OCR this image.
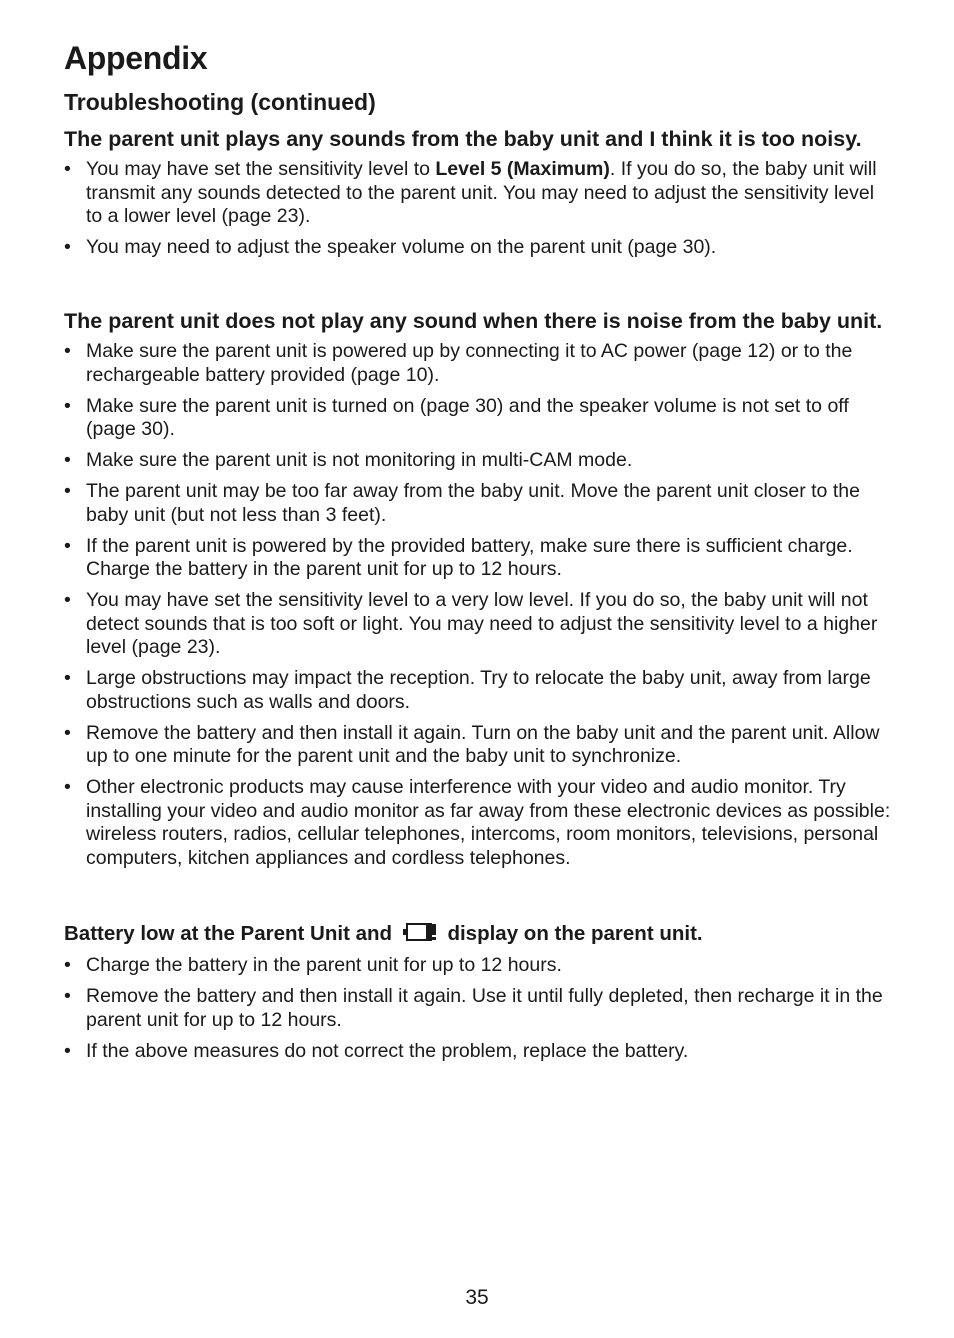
Appendix
Troubleshooting (continued)
The parent unit plays any sounds from the baby unit and I think it is too noisy.
• You may have set the sensitivity level to Level 5 (Maximum). If you do so, the baby unit will transmit any sounds detected to the parent unit. You may need to adjust the sensitivity level to a lower level (page 23).
• You may need to adjust the speaker volume on the parent unit (page 30).
The parent unit does not play any sound when there is noise from the baby unit.
• Make sure the parent unit is powered up by connecting it to AC power (page 12) or to the rechargeable battery provided (page 10).
• Make sure the parent unit is turned on (page 30) and the speaker volume is not set to off (page 30).
• Make sure the parent unit is not monitoring in multi-CAM mode.
• The parent unit may be too far away from the baby unit. Move the parent unit closer to the baby unit (but not less than 3 feet).
• If the parent unit is powered by the provided battery, make sure there is sufficient charge. Charge the battery in the parent unit for up to 12 hours.
• You may have set the sensitivity level to a very low level. If you do so, the baby unit will not detect sounds that is too soft or light. You may need to adjust the sensitivity level to a higher level (page 23).
• Large obstructions may impact the reception. Try to relocate the baby unit, away from large obstructions such as walls and doors.
• Remove the battery and then install it again. Turn on the baby unit and the parent unit. Allow up to one minute for the parent unit and the baby unit to synchronize.
• Other electronic products may cause interference with your video and audio monitor. Try installing your video and audio monitor as far away from these electronic devices as possible: wireless routers, radios, cellular telephones, intercoms, room monitors, televisions, personal computers, kitchen appliances and cordless telephones.
Battery low at the Parent Unit and	display on the parent unit.
• Charge the battery in the parent unit for up to 12 hours.
• Remove the battery and then install it again. Use it until fully depleted, then recharge it in the parent unit for up to 12 hours.
• If the above measures do not correct the problem, replace the battery.

35
